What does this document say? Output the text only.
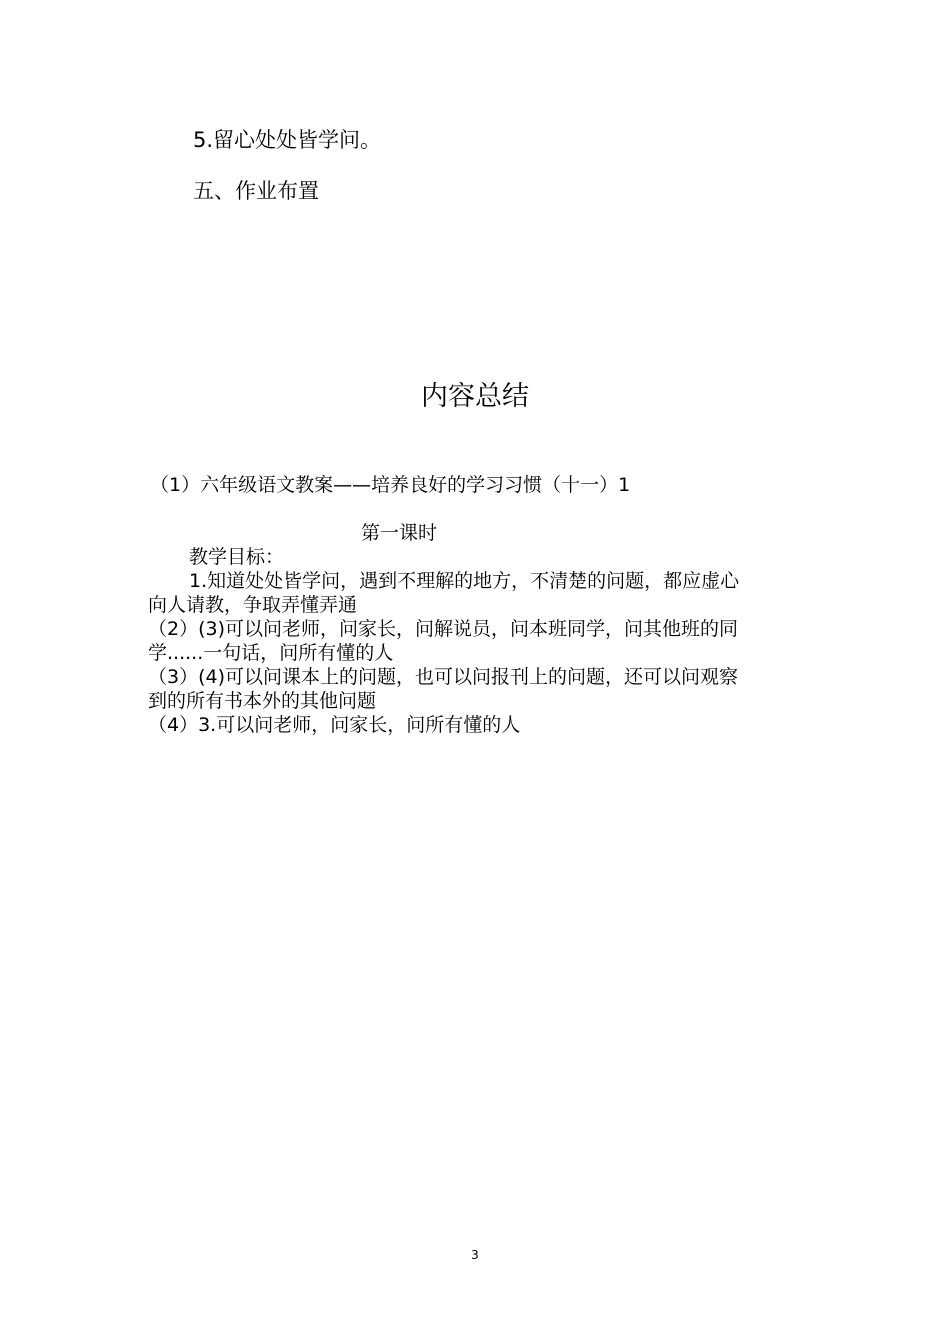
5.留心处处皆学问。
五、作业布置
内容总结
（1）六年级语文教案——培养良好的学习习惯（十一）1
第一课时
教学目标：
1.知道处处皆学问，遇到不理解的地方，不清楚的问题，都应虚心
向人请教，争取弄懂弄通
（2）(3)可以问老师，问家长，问解说员，问本班同学，问其他班的同
学......一句话，问所有懂的人
（3）(4)可以问课本上的问题，也可以问报刊上的问题，还可以问观察
到的所有书本外的其他问题
（4）3.可以问老师，问家长，问所有懂的人
3
